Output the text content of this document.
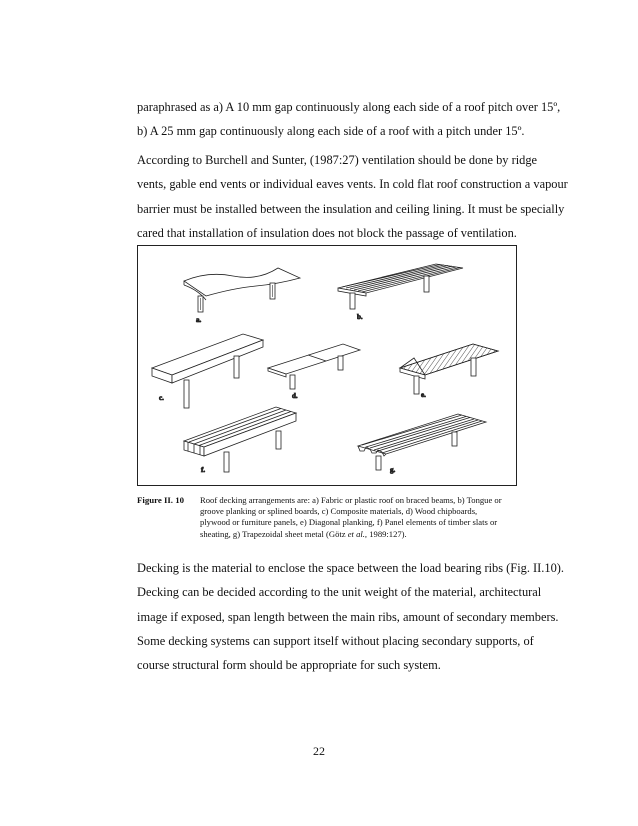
paraphrased as a) A 10 mm gap continuously along each side of a roof pitch over 15º,
b) A 25 mm gap continuously along each side of a roof with a pitch under 15º.

According to Burchell and Sunter, (1987:27) ventilation should be done by ridge
vents, gable end vents or individual eaves vents. In cold flat roof construction a vapour
barrier must be installed between the insulation and ceiling lining. It must be specially
cared that installation of insulation does not block the passage of ventilation.

a.	b.
c.	d.	e.
f.	g.
Figure II. 10 Roof decking arrangements are: a) Fabric or plastic roof on braced beams, b) Tongue or
groove planking or splined boards, c) Composite materials, d) Wood chipboards,
plywood or furniture panels, e) Diagonal planking, f) Panel elements of timber slats or
sheating, g) Trapezoidal sheet metal (Götz et al., 1989:127).

Decking is the material to enclose the space between the load bearing ribs (Fig. II.10).
Decking can be decided according to the unit weight of the material, architectural
image if exposed, span length between the main ribs, amount of secondary members.
Some decking systems can support itself without placing secondary supports, of
course structural form should be appropriate for such system.

22
